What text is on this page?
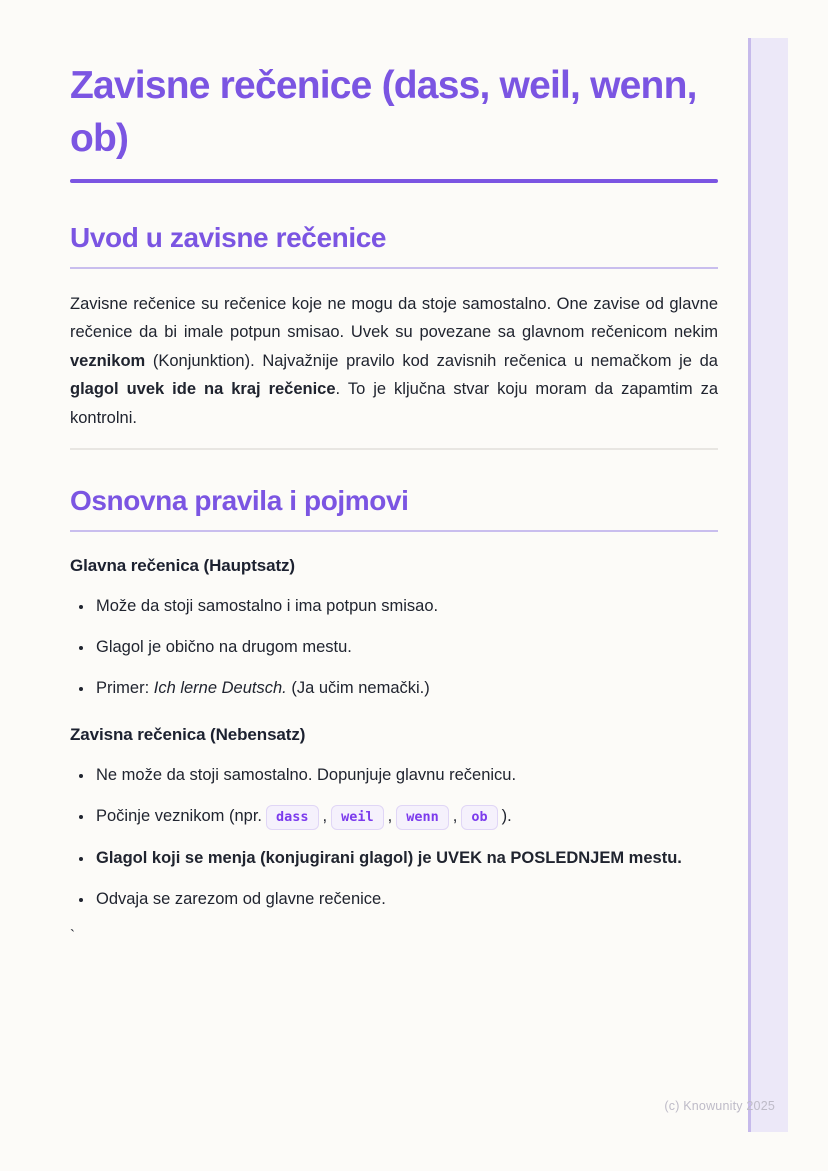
Zavisne rečenice (dass, weil, wenn, ob)
Uvod u zavisne rečenice

Zavisne rečenice su rečenice koje ne mogu da stoje samostalno. One zavise od glavne rečenice da bi imale potpun smisao. Uvek su povezane sa glavnom rečenicom nekim veznikom (Konjunktion). Najvažnije pravilo kod zavisnih rečenica u nemačkom je da glagol uvek ide na kraj rečenice. To je ključna stvar koju moram da zapamtim za kontrolni.

Osnovna pravila i pojmovi
Glavna rečenica (Hauptsatz)
• Može da stoji samostalno i ima potpun smisao.
• Glagol je obično na drugom mestu.
• Primer: Ich lerne Deutsch. (Ja učim nemački.)
Zavisna rečenica (Nebensatz)
• Ne može da stoji samostalno. Dopunjuje glavnu rečenicu.
• Počinje veznikom (npr. dass , weil , wenn , ob ).
• Glagol koji se menja (konjugirani glagol) je UVEK na POSLEDNJEM mestu.
• Odvaja se zarezom od glavne rečenice.

`

(c) Knowunity 2025
